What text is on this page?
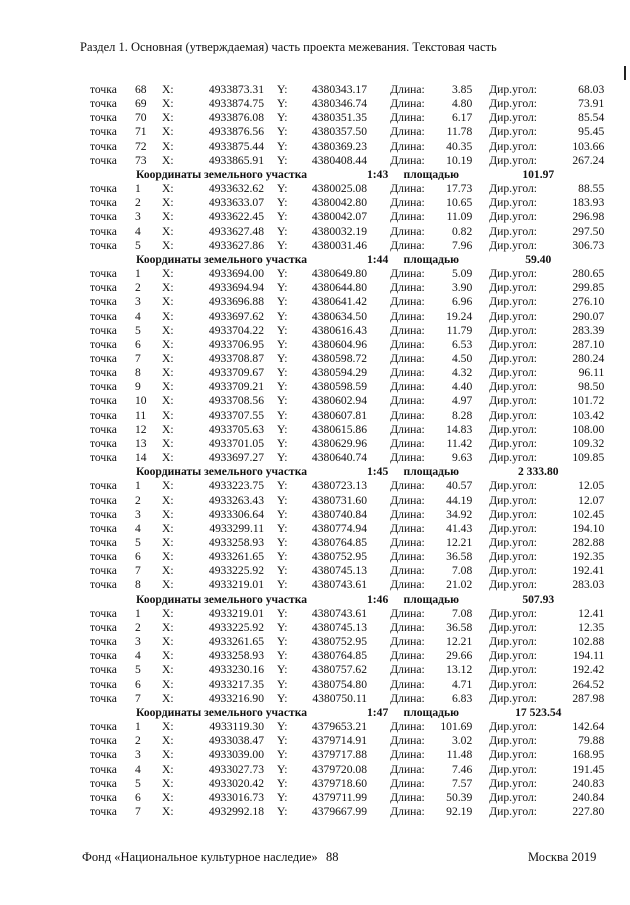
Раздел 1. Основная (утверждаемая) часть проекта межевания. Текстовая часть
точка	68	X:	4933873.31		Y:	4380343.17		Длина:	3.85		Дир.угол:	68.03
точка	69	X:	4933874.75		Y:	4380346.74		Длина:	4.80		Дир.угол:	73.91
точка	70	X:	4933876.08		Y:	4380351.35		Длина:	6.17		Дир.угол:	85.54
точка	71	X:	4933876.56		Y:	4380357.50		Длина:	11.78		Дир.угол:	95.45
точка	72	X:	4933875.44		Y:	4380369.23		Длина:	40.35		Дир.угол:	103.66
точка	73	X:	4933865.91		Y:	4380408.44		Длина:	10.19		Дир.угол:	267.24
Координаты земельного участка							1:43	площадью		101.97		
точка	1	X:	4933632.62		Y:	4380025.08		Длина:	17.73		Дир.угол:	88.55
точка	2	X:	4933633.07		Y:	4380042.80		Длина:	10.65		Дир.угол:	183.93
точка	3	X:	4933622.45		Y:	4380042.07		Длина:	11.09		Дир.угол:	296.98
точка	4	X:	4933627.48		Y:	4380032.19		Длина:	0.82		Дир.угол:	297.50
точка	5	X:	4933627.86		Y:	4380031.46		Длина:	7.96		Дир.угол:	306.73
Координаты земельного участка							1:44	площадью		59.40		
точка	1	X:	4933694.00		Y:	4380649.80		Длина:	5.09		Дир.угол:	280.65
точка	2	X:	4933694.94		Y:	4380644.80		Длина:	3.90		Дир.угол:	299.85
точка	3	X:	4933696.88		Y:	4380641.42		Длина:	6.96		Дир.угол:	276.10
точка	4	X:	4933697.62		Y:	4380634.50		Длина:	19.24		Дир.угол:	290.07
точка	5	X:	4933704.22		Y:	4380616.43		Длина:	11.79		Дир.угол:	283.39
точка	6	X:	4933706.95		Y:	4380604.96		Длина:	6.53		Дир.угол:	287.10
точка	7	X:	4933708.87		Y:	4380598.72		Длина:	4.50		Дир.угол:	280.24
точка	8	X:	4933709.67		Y:	4380594.29		Длина:	4.32		Дир.угол:	96.11
точка	9	X:	4933709.21		Y:	4380598.59		Длина:	4.40		Дир.угол:	98.50
точка	10	X:	4933708.56		Y:	4380602.94		Длина:	4.97		Дир.угол:	101.72
точка	11	X:	4933707.55		Y:	4380607.81		Длина:	8.28		Дир.угол:	103.42
точка	12	X:	4933705.63		Y:	4380615.86		Длина:	14.83		Дир.угол:	108.00
точка	13	X:	4933701.05		Y:	4380629.96		Длина:	11.42		Дир.угол:	109.32
точка	14	X:	4933697.27		Y:	4380640.74		Длина:	9.63		Дир.угол:	109.85
Координаты земельного участка							1:45	площадью		2 333.80		
точка	1	X:	4933223.75		Y:	4380723.13		Длина:	40.57		Дир.угол:	12.05
точка	2	X:	4933263.43		Y:	4380731.60		Длина:	44.19		Дир.угол:	12.07
точка	3	X:	4933306.64		Y:	4380740.84		Длина:	34.92		Дир.угол:	102.45
точка	4	X:	4933299.11		Y:	4380774.94		Длина:	41.43		Дир.угол:	194.10
точка	5	X:	4933258.93		Y:	4380764.85		Длина:	12.21		Дир.угол:	282.88
точка	6	X:	4933261.65		Y:	4380752.95		Длина:	36.58		Дир.угол:	192.35
точка	7	X:	4933225.92		Y:	4380745.13		Длина:	7.08		Дир.угол:	192.41
точка	8	X:	4933219.01		Y:	4380743.61		Длина:	21.02		Дир.угол:	283.03
Координаты земельного участка							1:46	площадью		507.93		
точка	1	X:	4933219.01		Y:	4380743.61		Длина:	7.08		Дир.угол:	12.41
точка	2	X:	4933225.92		Y:	4380745.13		Длина:	36.58		Дир.угол:	12.35
точка	3	X:	4933261.65		Y:	4380752.95		Длина:	12.21		Дир.угол:	102.88
точка	4	X:	4933258.93		Y:	4380764.85		Длина:	29.66		Дир.угол:	194.11
точка	5	X:	4933230.16		Y:	4380757.62		Длина:	13.12		Дир.угол:	192.42
точка	6	X:	4933217.35		Y:	4380754.80		Длина:	4.71		Дир.угол:	264.52
точка	7	X:	4933216.90		Y:	4380750.11		Длина:	6.83		Дир.угол:	287.98
Координаты земельного участка							1:47	площадью		17 523.54		
точка	1	X:	4933119.30		Y:	4379653.21		Длина:	101.69		Дир.угол:	142.64
точка	2	X:	4933038.47		Y:	4379714.91		Длина:	3.02		Дир.угол:	79.88
точка	3	X:	4933039.00		Y:	4379717.88		Длина:	11.48		Дир.угол:	168.95
точка	4	X:	4933027.73		Y:	4379720.08		Длина:	7.46		Дир.угол:	191.45
точка	5	X:	4933020.42		Y:	4379718.60		Длина:	7.57		Дир.угол:	240.83
точка	6	X:	4933016.73		Y:	4379711.99		Длина:	50.39		Дир.угол:	240.84
точка	7	X:	4932992.18		Y:	4379667.99		Длина:	92.19		Дир.угол:	227.80
Фонд «Национальное культурное наследие» 88	Москва 2019
